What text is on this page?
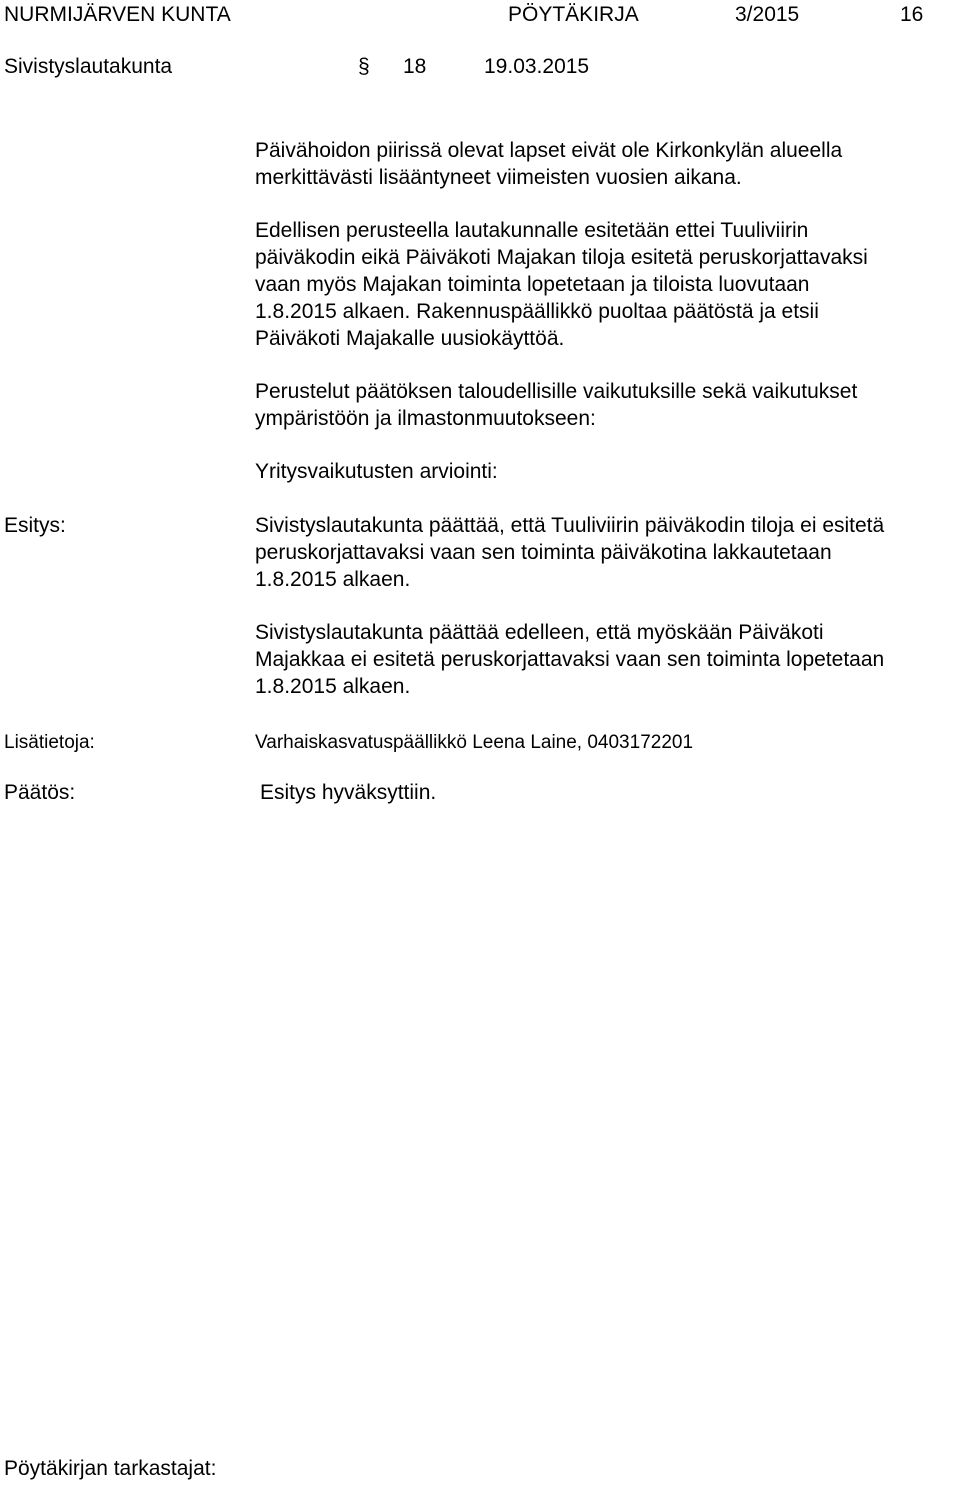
NURMIJÄRVEN KUNTA	PÖYTÄKIRJA	3/2015	16
Sivistyslautakunta	§ 18	19.03.2015
Päivähoidon piirissä olevat lapset eivät ole Kirkonkylän alueella
merkittävästi lisääntyneet viimeisten vuosien aikana.
Edellisen perusteella lautakunnalle esitetään ettei Tuuliviirin
päiväkodin eikä Päiväkoti Majakan tiloja esitetä peruskorjattavaksi
vaan myös Majakan toiminta lopetetaan ja tiloista luovutaan
1.8.2015 alkaen. Rakennuspäällikkö puoltaa päätöstä ja etsii
Päiväkoti Majakalle uusiokäyttöä.
Perustelut päätöksen taloudellisille vaikutuksille sekä vaikutukset
ympäristöön ja ilmastonmuutokseen:
Yritysvaikutusten arviointi:
Esitys:	Sivistyslautakunta päättää, että Tuuliviirin päiväkodin tiloja ei esitetä
peruskorjattavaksi vaan sen toiminta päiväkotina lakkautetaan
1.8.2015 alkaen.
Sivistyslautakunta päättää edelleen, että myöskään Päiväkoti
Majakkaa ei esitetä peruskorjattavaksi vaan sen toiminta lopetetaan
1.8.2015 alkaen.
Lisätietoja:	Varhaiskasvatuspäällikkö Leena Laine, 0403172201
Päätös:	Esitys hyväksyttiin.
Pöytäkirjan tarkastajat:
